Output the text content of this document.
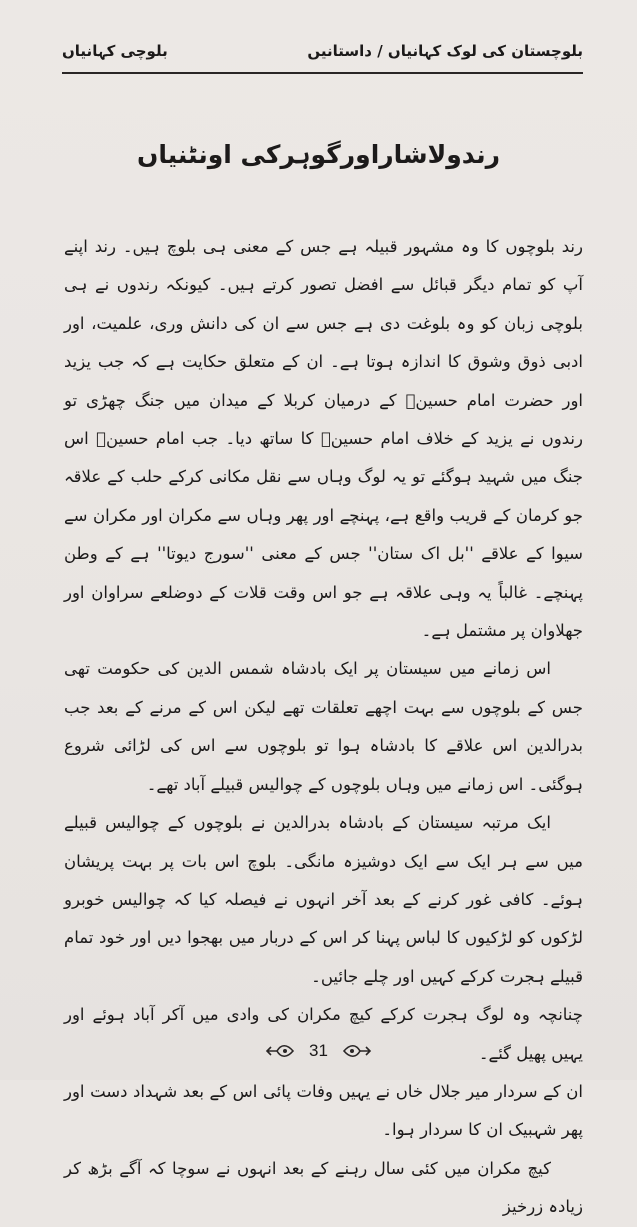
بلوچستان کی لوک کہانیاں / داستانیں
بلوچی کہانیاں
رندولاشاراورگوہرکی اونٹنیاں

رند بلوچوں کا وہ مشہور قبیلہ ہے جس کے معنی ہی بلوچ ہیں۔ رند اپنے آپ کو تمام دیگر قبائل سے افضل تصور کرتے ہیں۔ کیونکہ رندوں نے ہی بلوچی زبان کو وہ بلوغت دی ہے جس سے ان کی دانش وری، علمیت، اور ادبی ذوق وشوق کا اندازہ ہوتا ہے۔ ان کے متعلق حکایت ہے کہ جب یزید اور حضرت امام حسینؓ کے درمیان کربلا کے میدان میں جنگ چھڑی تو رندوں نے یزید کے خلاف امام حسینؓ کا ساتھ دیا۔ جب امام حسینؓ اس جنگ میں شہید ہوگئے تو یہ لوگ وہاں سے نقل مکانی کرکے حلب کے علاقہ جو کرمان کے قریب واقع ہے، پہنچے اور پھر وہاں سے مکران اور مکران سے سیوا کے علاقے ''بل اک ستان'' جس کے معنی ''سورج دیوتا'' ہے کے وطن پہنچے۔ غالباً یہ وہی علاقہ ہے جو اس وقت قلات کے دوضلعے سراوان اور جھلاوان پر مشتمل ہے۔

اس زمانے میں سیستان پر ایک بادشاہ شمس الدین کی حکومت تھی جس کے بلوچوں سے بہت اچھے تعلقات تھے لیکن اس کے مرنے کے بعد جب بدرالدین اس علاقے کا بادشاہ ہوا تو بلوچوں سے اس کی لڑائی شروع ہوگئی۔ اس زمانے میں وہاں بلوچوں کے چوالیس قبیلے آباد تھے۔

ایک مرتبہ سیستان کے بادشاہ بدرالدین نے بلوچوں کے چوالیس قبیلے میں سے ہر ایک سے ایک دوشیزہ مانگی۔ بلوچ اس بات پر بہت پریشان ہوئے۔ کافی غور کرنے کے بعد آخر انہوں نے فیصلہ کیا کہ چوالیس خوبرو لڑکوں کو لڑکیوں کا لباس پہنا کر اس کے دربار میں بھجوا دیں اور خود تمام قبیلے ہجرت کرکے کہیں اور چلے جائیں۔

چنانچہ وہ لوگ ہجرت کرکے کیچ مکران کی وادی میں آکر آباد ہوئے اور یہیں پھیل گئے۔

ان کے سردار میر جلال خاں نے یہیں وفات پائی اس کے بعد شہداد دست اور پھر شہبیک ان کا سردار ہوا۔

کیچ مکران میں کئی سال رہنے کے بعد انہوں نے سوچا کہ آگے بڑھ کر زیادہ زرخیز

31
